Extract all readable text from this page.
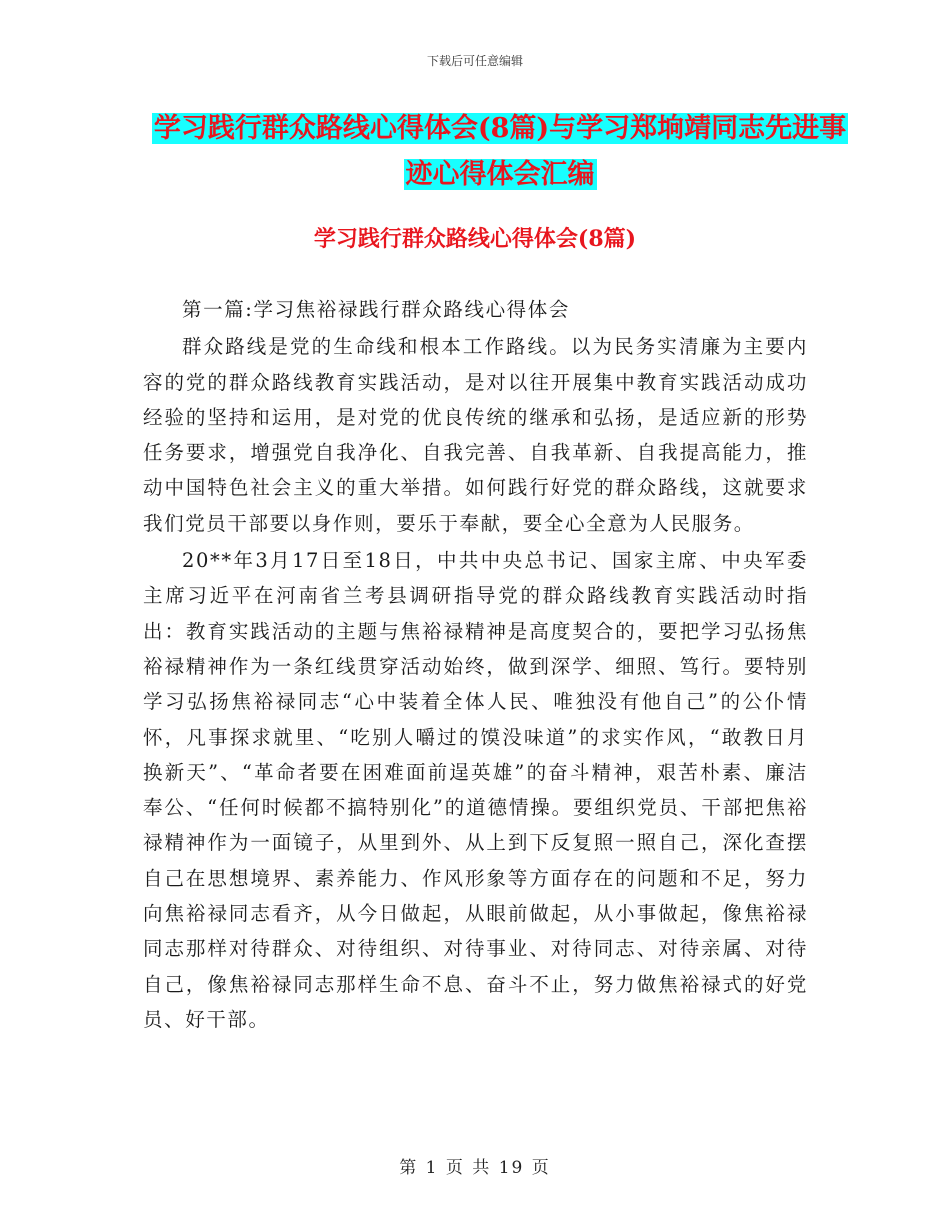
下载后可任意编辑
学习践行群众路线心得体会(8篇)与学习郑垧靖同志先进事迹心得体会汇编
学习践行群众路线心得体会(8篇)

第一篇:学习焦裕禄践行群众路线心得体会

群众路线是党的生命线和根本工作路线。以为民务实清廉为主要内容的党的群众路线教育实践活动，是对以往开展集中教育实践活动成功经验的坚持和运用，是对党的优良传统的继承和弘扬，是适应新的形势任务要求，增强党自我净化、自我完善、自我革新、自我提高能力，推动中国特色社会主义的重大举措。如何践行好党的群众路线，这就要求我们党员干部要以身作则，要乐于奉献，要全心全意为人民服务。

20**年3月17日至18日，中共中央总书记、国家主席、中央军委主席习近平在河南省兰考县调研指导党的群众路线教育实践活动时指出：教育实践活动的主题与焦裕禄精神是高度契合的，要把学习弘扬焦裕禄精神作为一条红线贯穿活动始终，做到深学、细照、笃行。要特别学习弘扬焦裕禄同志“心中装着全体人民、唯独没有他自己”的公仆情怀，凡事探求就里、“吃别人嚼过的馍没味道”的求实作风，“敢教日月换新天”、“革命者要在困难面前逞英雄”的奋斗精神，艰苦朴素、廉洁奉公、“任何时候都不搞特别化”的道德情操。要组织党员、干部把焦裕禄精神作为一面镜子，从里到外、从上到下反复照一照自己，深化查摆自己在思想境界、素养能力、作风形象等方面存在的问题和不足，努力向焦裕禄同志看齐，从今日做起，从眼前做起，从小事做起，像焦裕禄同志那样对待群众、对待组织、对待事业、对待同志、对待亲属、对待自己，像焦裕禄同志那样生命不息、奋斗不止，努力做焦裕禄式的好党员、好干部。

第 1 页 共 19 页
